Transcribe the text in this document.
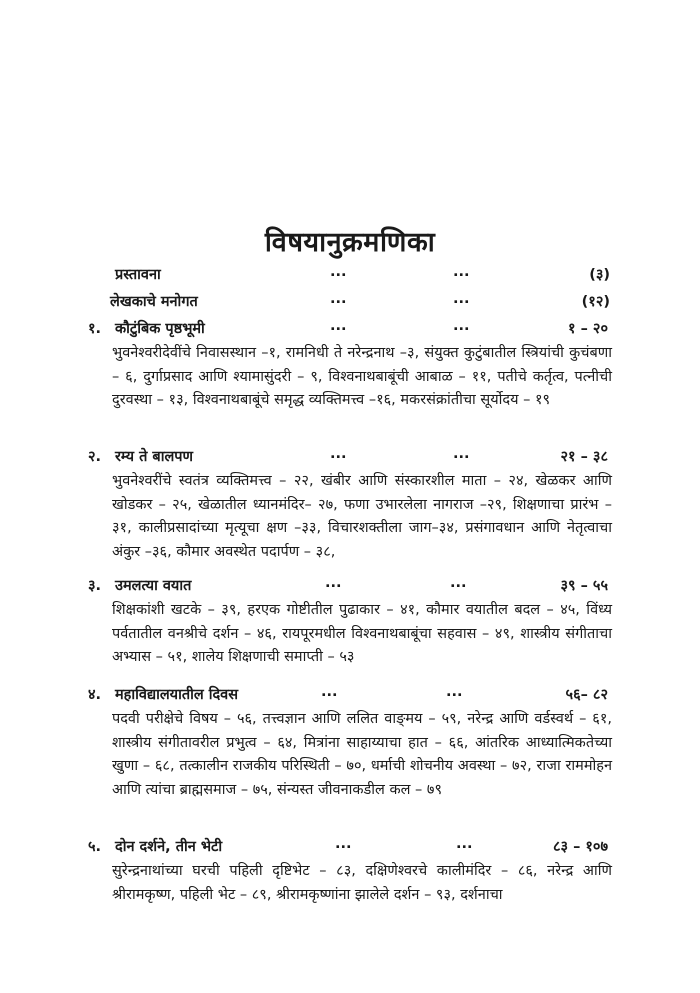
विषयानुक्रमणिका
प्रस्तावना	...	...	(३)
लेखकाचे मनोगत	...	...	(१२)
१. कौटुंबिक पृष्ठभूमी	...	...	१ – २०
भुवनेश्वरीदेवींचे निवासस्थान –१, रामनिधी ते नरेन्द्रनाथ –३, संयुक्त कुटुंबातील स्त्रियांची कुचंबणा – ६, दुर्गाप्रसाद आणि श्यामासुंदरी – ९, विश्वनाथबाबूंची आबाळ – ११, पतीचे कर्तृत्व, पत्नीची दुरवस्था – १३, विश्वनाथबाबूंचे समृद्ध व्यक्तिमत्त्व –१६, मकरसंक्रांतीचा सूर्योदय – १९
२. रम्य ते बालपण	...	...	२१ – ३८
भुवनेश्वरींचे स्वतंत्र व्यक्तिमत्त्व – २२, खंबीर आणि संस्कारशील माता – २४, खेळकर आणि खोडकर – २५, खेळातील ध्यानमंदिर– २७, फणा उभारलेला नागराज –२९, शिक्षणाचा प्रारंभ – ३१, कालीप्रसादांच्या मृत्यूचा क्षण –३३, विचारशक्तीला जाग–३४, प्रसंगावधान आणि नेतृत्वाचा अंकुर –३६, कौमार अवस्थेत पदार्पण – ३८,
३. उमलत्या वयात	...	...	३९ – ५५
शिक्षकांशी खटके – ३९, हरएक गोष्टीतील पुढाकार – ४१, कौमार वयातील बदल – ४५, विंध्य पर्वतातील वनश्रीचे दर्शन – ४६, रायपूरमधील विश्वनाथबाबूंचा सहवास – ४९, शास्त्रीय संगीताचा अभ्यास – ५१, शालेय शिक्षणाची समाप्ती – ५३
४. महाविद्यालयातील दिवस	...	...	५६– ८२
पदवी परीक्षेचे विषय – ५६, तत्त्वज्ञान आणि ललित वाङ्‌मय – ५९, नरेन्द्र आणि वर्डस्वर्थ – ६१, शास्त्रीय संगीतावरील प्रभुत्व – ६४, मित्रांना साहाय्याचा हात – ६६, आंतरिक आध्यात्मिकतेच्या खुणा – ६८, तत्कालीन राजकीय परिस्थिती – ७०, धर्माची शोचनीय अवस्था – ७२, राजा राममोहन आणि त्यांचा ब्राह्मसमाज – ७५, संन्यस्त जीवनाकडील कल – ७९
५. दोन दर्शने, तीन भेटी	...	...	८३ – १०७
सुरेन्द्रनाथांच्या घरची पहिली दृष्टिभेट – ८३, दक्षिणेश्वरचे कालीमंदिर – ८६, नरेन्द्र आणि श्रीरामकृष्ण, पहिली भेट – ८९, श्रीरामकृष्णांना झालेले दर्शन – ९३, दर्शनाचा
